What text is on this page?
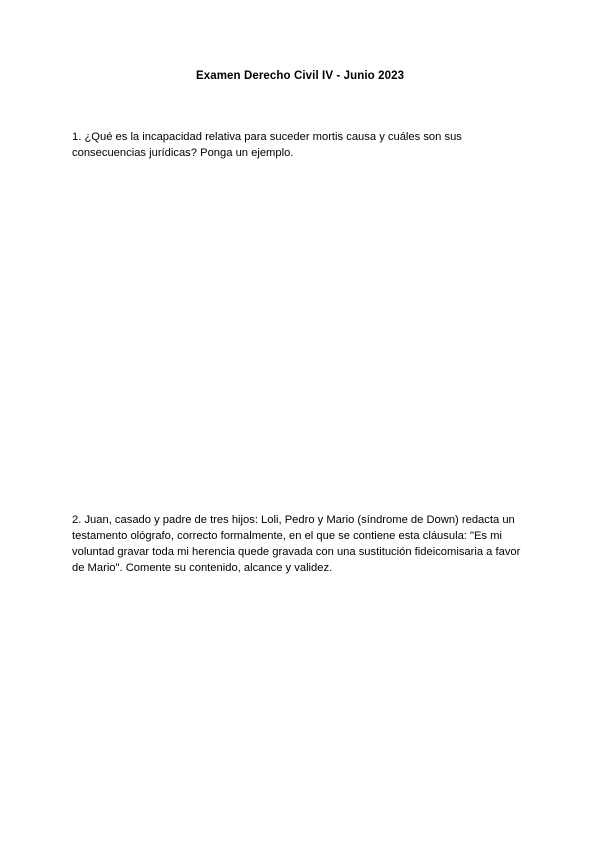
Examen Derecho Civil IV - Junio 2023
1. ¿Qué es la incapacidad relativa para suceder mortis causa y cuáles son sus
consecuencias jurídicas? Ponga un ejemplo.
2. Juan, casado y padre de tres hijos: Loli, Pedro y Mario (síndrome de Down) redacta un
testamento ológrafo, correcto formalmente, en el que se contiene esta cláusula: "Es mi
voluntad gravar toda mi herencia quede gravada con una sustitución fideicomisaria a favor
de Mario". Comente su contenido, alcance y validez.
